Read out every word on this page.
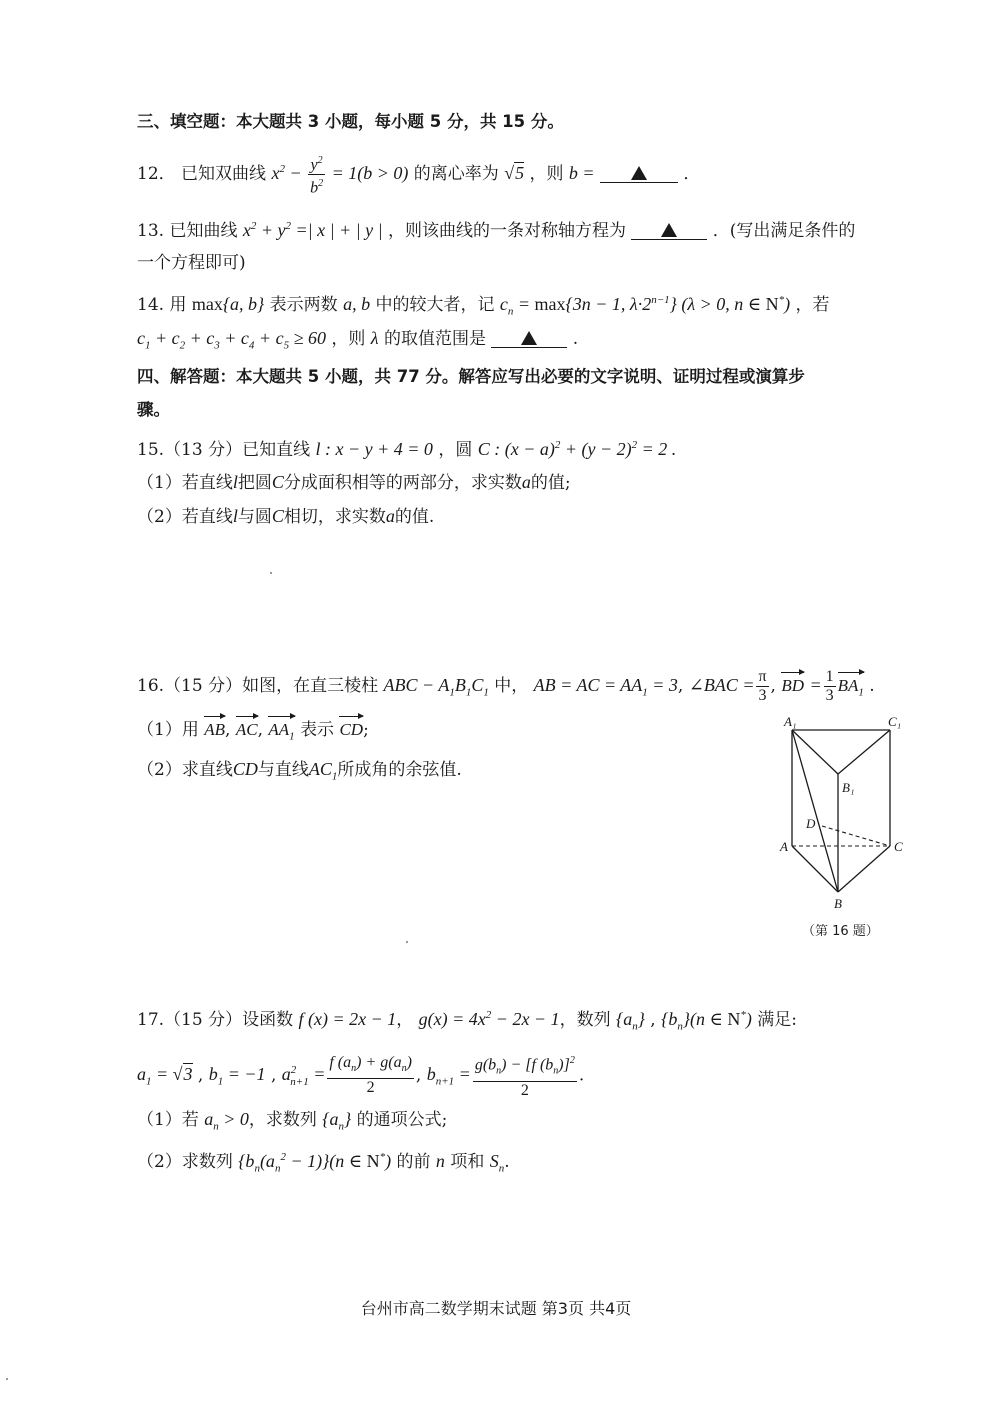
三、填空题：本大题共 3 小题，每小题 5 分，共 15 分。
12． 已知双曲线 $x^2 - \frac{y^2}{b^2} = 1(b > 0)$ 的离心率为 √5 ，则 b =	．
13. 已知曲线 $x^2 + y^2$ =| x | + | y | ，则该曲线的一条对称轴方程为	．(写出满足条件的
一个方程即可)
14. 用 max{a, b} 表示两数 a, b 中的较大者，记 $c_n = \max\{3n - 1$, $\lambda\cdot 2^{n-1}$} (λ > 0, n ∈ N*) ，若
$c_1 + c_2 + c_3 + c_4 + c_5 \ge 60$ ，则 λ 的取值范围是	.
四、解答题：本大题共 5 小题，共 77 分。解答应写出必要的文字说明、证明过程或演算步
骤。
15.（13 分）已知直线 l : x − y + 4 = 0 ，圆 C : $(x - a)^2 + (y - 2)^2 = 2$ .
（1）若直线l把圆C分成面积相等的两部分，求实数a的值;
（2）若直线l与圆C相切，求实数a的值.
16.（15 分）如图，在直三棱柱 ABC − $A_1B_1C_1$ 中， AB = AC = $AA_1 = 3$, ∠BAC = $\frac{\pi}{3}$ , BD = $\frac{1}{3} BA_1$ .
（1）用 AB, AC, $AA_1$ 表示 CD;
（2）求直线CD与直线$AC_1$所成角的余弦值.
A₁	C₁
B₁
D
A	C
B
（第 16 题）
17.（15 分）设函数 f (x) = 2x − 1， $g(x) = 4x^2 - 2x - 1$，数列 $\{a_n\}$ , $\{b_n\}(n$ ∈ N*) 满足:
$a_1 = √3$ , $b_1 = -1$ , $a^2_{n+1} = \frac{f (a_n) + g(a_n)}{2}$ , $b_{n+1} = \frac{g(b_n) - [f (b_n)]^2}{2}$ .
（1）若 $a_n > 0$，求数列 $\{a_n\}$ 的通项公式;
（2）求数列 $\{b_n(a_n^2 - 1)\}(n$ ∈ N*) 的前 n 项和 $S_n$.
台州市高二数学期末试题 第3页 共4页
